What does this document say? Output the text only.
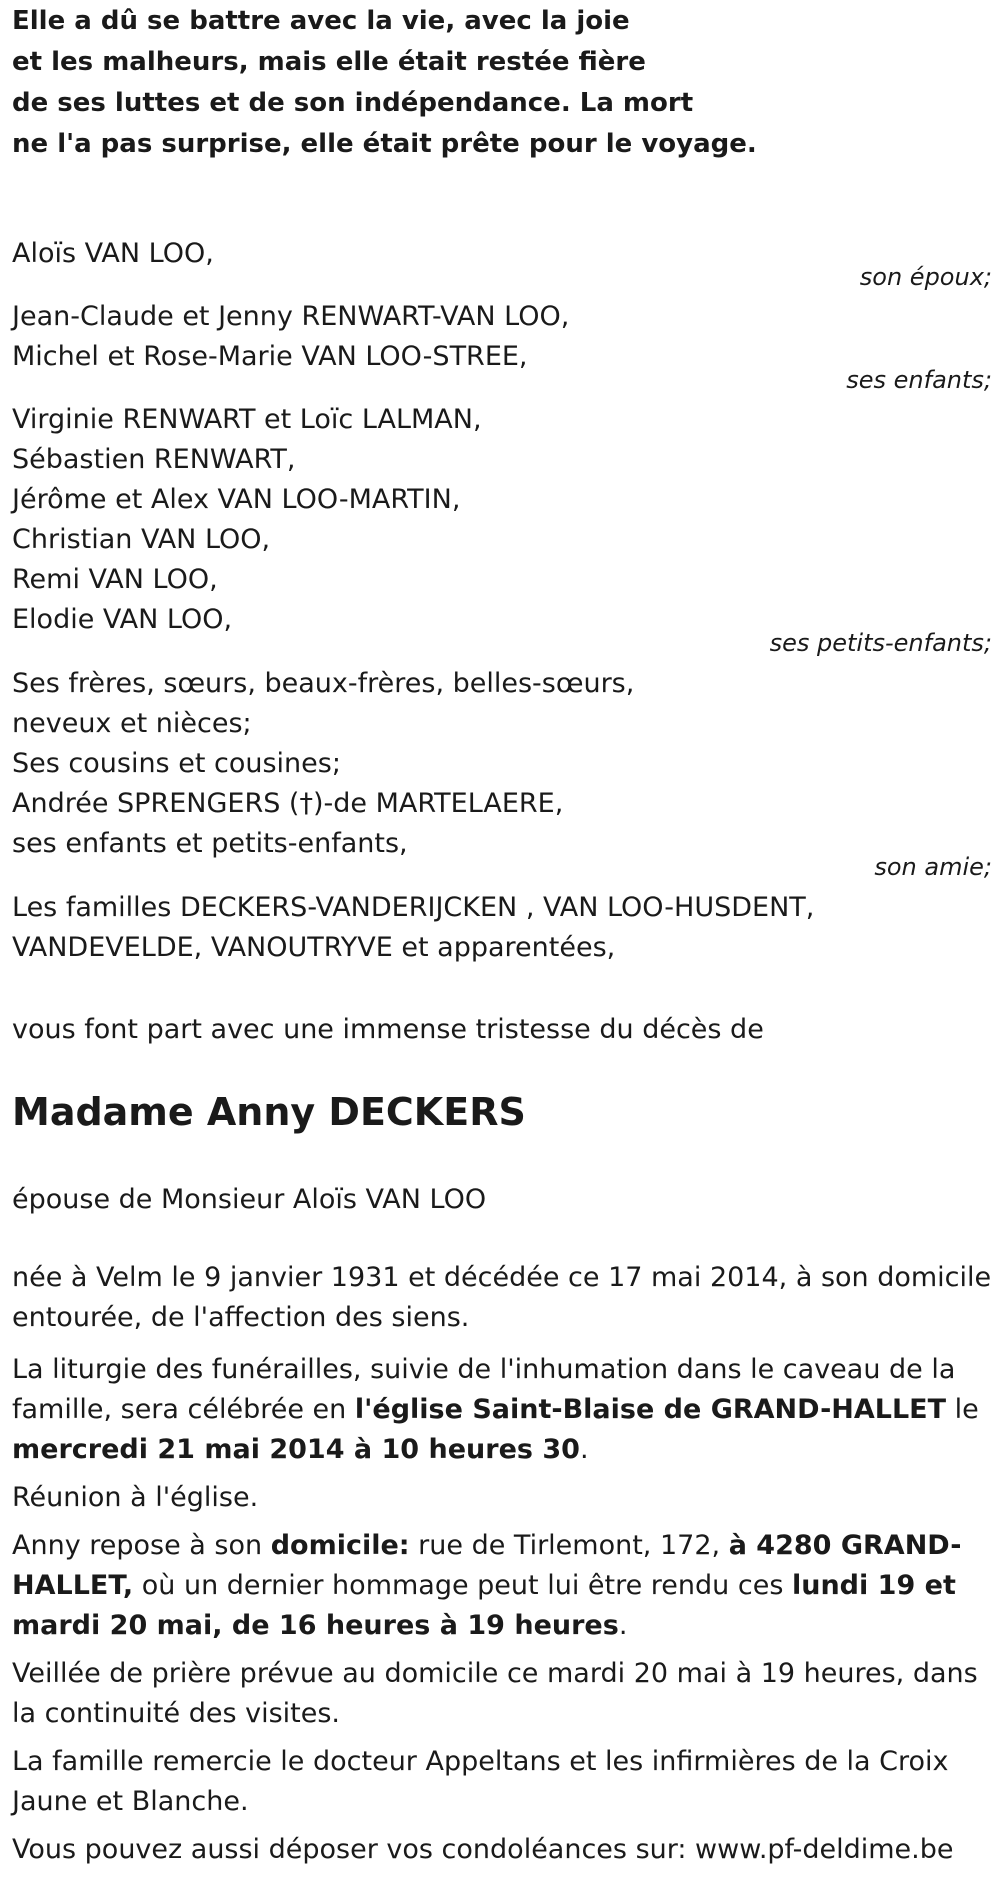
Elle a dû se battre avec la vie, avec la joie
et les malheurs, mais elle était restée fière
de ses luttes et de son indépendance. La mort
ne l'a pas surprise, elle était prête pour le voyage.
Aloïs VAN LOO,
son époux;
Jean-Claude et Jenny RENWART-VAN LOO,
Michel et Rose-Marie VAN LOO-STREE,
ses enfants;
Virginie RENWART et Loïc LALMAN,
Sébastien RENWART,
Jérôme et Alex VAN LOO-MARTIN,
Christian VAN LOO,
Remi VAN LOO,
Elodie VAN LOO,
ses petits-enfants;
Ses frères, sœurs, beaux-frères, belles-sœurs,
neveux et nièces;
Ses cousins et cousines;
Andrée SPRENGERS (†)-de MARTELAERE,
ses enfants et petits-enfants,
son amie;
Les familles DECKERS-VANDERIJCKEN , VAN LOO-HUSDENT,
VANDEVELDE, VANOUTRYVE et apparentées,
vous font part avec une immense tristesse du décès de
Madame Anny DECKERS
épouse de Monsieur Aloïs VAN LOO
née à Velm le 9 janvier 1931 et décédée ce 17 mai 2014, à son domicile entourée, de l'affection des siens.
La liturgie des funérailles, suivie de l'inhumation dans le caveau de la famille, sera célébrée en l'église Saint-Blaise de GRAND-HALLET le mercredi 21 mai 2014 à 10 heures 30.
Réunion à l'église.
Anny repose à son domicile: rue de Tirlemont, 172, à 4280 GRAND-HALLET, où un dernier hommage peut lui être rendu ces lundi 19 et mardi 20 mai, de 16 heures à 19 heures.
Veillée de prière prévue au domicile ce mardi 20 mai à 19 heures, dans la continuité des visites.
La famille remercie le docteur Appeltans et les infirmières de la Croix Jaune et Blanche.
Vous pouvez aussi déposer vos condoléances sur: www.pf-deldime.be
